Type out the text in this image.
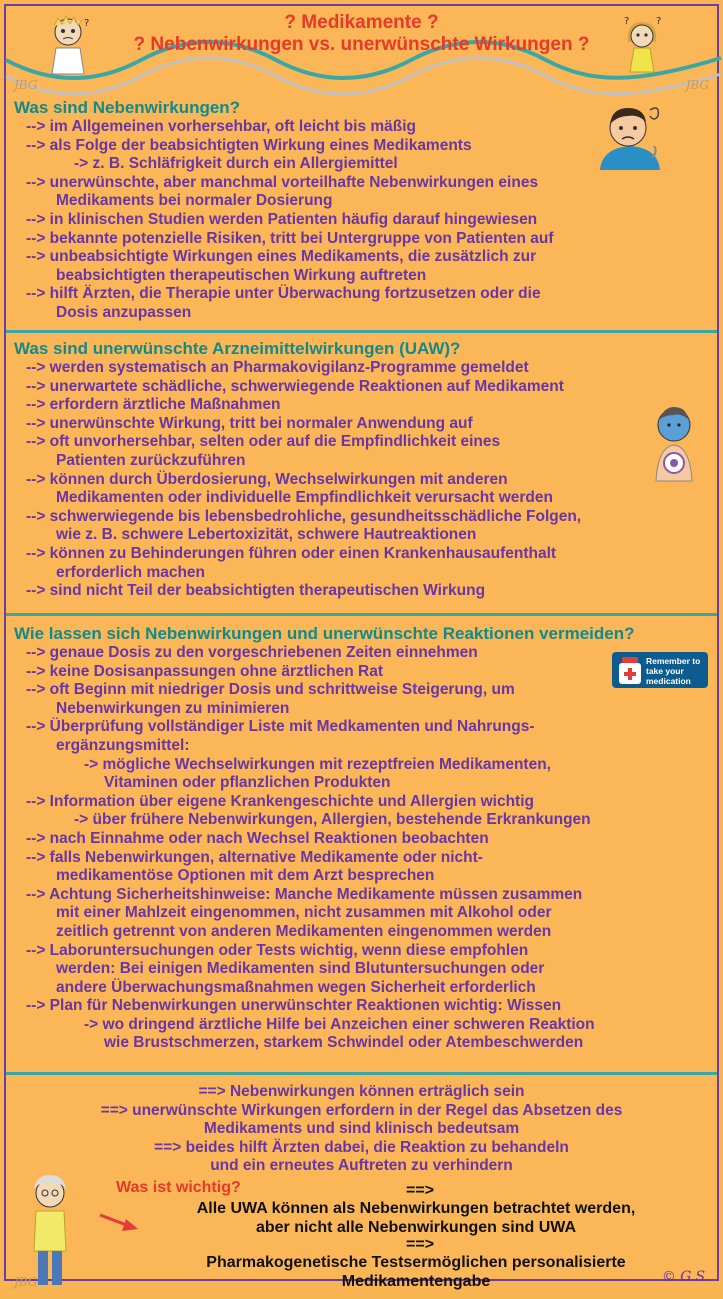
? Medikamente ?
? Nebenwirkungen vs. unerwünschte Wirkungen ?
JBG	JBG
?	?	?
Was sind Nebenwirkungen?
--> im Allgemeinen vorhersehbar, oft leicht bis mäßig
--> als Folge der beabsichtigten Wirkung eines Medikaments
-> z. B. Schläfrigkeit durch ein Allergiemittel
--> unerwünschte, aber manchmal vorteilhafte Nebenwirkungen eines
Medikaments bei normaler Dosierung
--> in klinischen Studien werden Patienten häufig darauf hingewiesen
--> bekannte potenzielle Risiken, tritt bei Untergruppe von Patienten auf
--> unbeabsichtigte Wirkungen eines Medikaments, die zusätzlich zur
beabsichtigten therapeutischen Wirkung auftreten
--> hilft Ärzten, die Therapie unter Überwachung fortzusetzen oder die
Dosis anzupassen
Was sind unerwünschte Arzneimittelwirkungen (UAW)?
--> werden systematisch an Pharmakovigilanz-Programme gemeldet
--> unerwartete schädliche, schwerwiegende Reaktionen auf Medikament
--> erfordern ärztliche Maßnahmen
--> unerwünschte Wirkung, tritt bei normaler Anwendung auf
--> oft unvorhersehbar, selten oder auf die Empfindlichkeit eines
Patienten zurückzuführen
--> können durch Überdosierung, Wechselwirkungen mit anderen
Medikamenten oder individuelle Empfindlichkeit verursacht werden
--> schwerwiegende bis lebensbedrohliche, gesundheitsschädliche Folgen,
wie z. B. schwere Lebertoxizität, schwere Hautreaktionen
--> können zu Behinderungen führen oder einen Krankenhausaufenthalt
erforderlich machen
--> sind nicht Teil der beabsichtigten therapeutischen Wirkung
Wie lassen sich Nebenwirkungen und unerwünschte Reaktionen vermeiden?
--> genaue Dosis zu den vorgeschriebenen Zeiten einnehmen
--> keine Dosisanpassungen ohne ärztlichen Rat
--> oft Beginn mit niedriger Dosis und schrittweise Steigerung, um
Nebenwirkungen zu minimieren
--> Überprüfung vollständiger Liste mit Medkamenten und Nahrungs-
ergänzungsmittel:
-> mögliche Wechselwirkungen mit rezeptfreien Medikamenten,
Vitaminen oder pflanzlichen Produkten
--> Information über eigene Krankengeschichte und Allergien wichtig
-> über frühere Nebenwirkungen, Allergien, bestehende Erkrankungen
--> nach Einnahme oder nach Wechsel Reaktionen beobachten
--> falls Nebenwirkungen, alternative Medikamente oder nicht-
medikamentöse Optionen mit dem Arzt besprechen
--> Achtung Sicherheitshinweise: Manche Medikamente müssen zusammen
mit einer Mahlzeit eingenommen, nicht zusammen mit Alkohol oder
zeitlich getrennt von anderen Medikamenten eingenommen werden
--> Laboruntersuchungen oder Tests wichtig, wenn diese empfohlen
werden: Bei einigen Medikamenten sind Blutuntersuchungen oder
andere Überwachungsmaßnahmen wegen Sicherheit erforderlich
--> Plan für Nebenwirkungen unerwünschter Reaktionen wichtig: Wissen
-> wo dringend ärztliche Hilfe bei Anzeichen einer schweren Reaktion
wie Brustschmerzen, starkem Schwindel oder Atembeschwerden
Remember to take your medication
==> Nebenwirkungen können erträglich sein
==> unerwünschte Wirkungen erfordern in der Regel das Absetzen des
Medikaments und sind klinisch bedeutsam
==> beides hilft Ärzten dabei, die Reaktion zu behandeln
und ein erneutes Auftreten zu verhindern
Was ist wichtig?	==>
Alle UWA können als Nebenwirkungen betrachtet werden,
aber nicht alle Nebenwirkungen sind UWA
==>
Pharmakogenetische Testsermöglichen personalisierte
Medikamentengabe
JBG	© G.S.
